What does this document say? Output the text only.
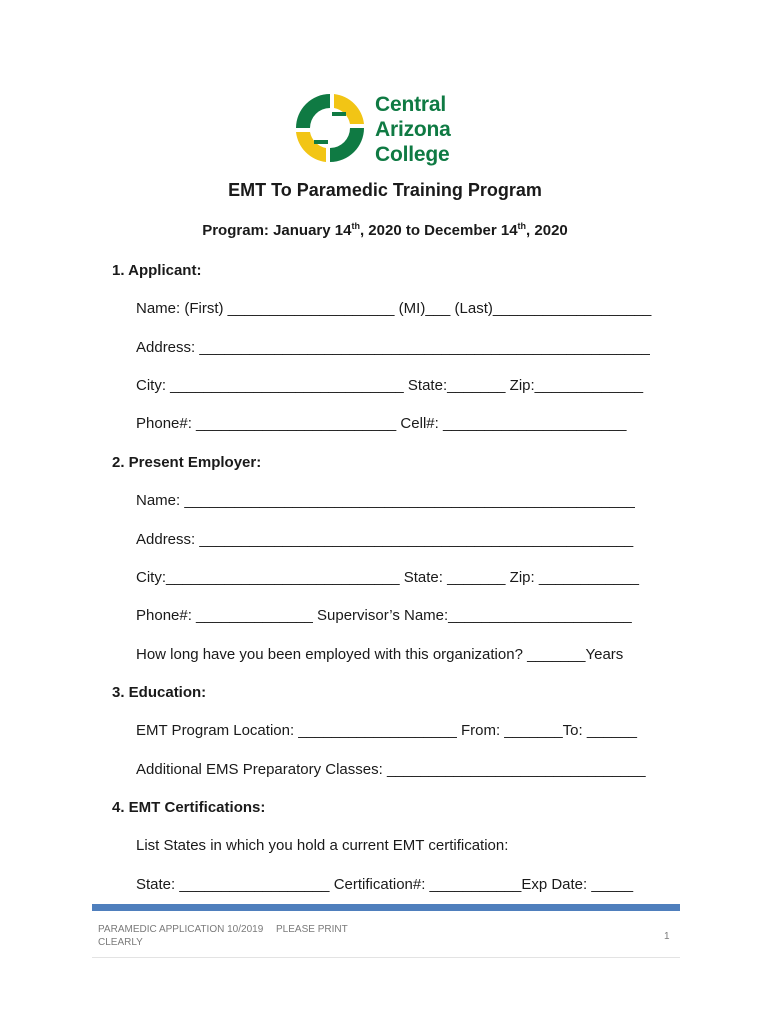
Central
Arizona
College
EMT To Paramedic Training Program
Program: January 14th, 2020 to December 14th, 2020
1. Applicant:
Name: (First) ____________________ (MI)___ (Last)___________________
Address: ______________________________________________________
City: ____________________________ State:_______ Zip:_____________
Phone#: ________________________ Cell#: ______________________
2. Present Employer:
Name: ______________________________________________________
Address: ____________________________________________________
City:____________________________ State: _______ Zip: ____________
Phone#: ______________ Supervisor’s Name:______________________
How long have you been employed with this organization? _______Years
3. Education:
EMT Program Location: ___________________ From: _______To: ______
Additional EMS Preparatory Classes: _______________________________
4. EMT Certifications:
List States in which you hold a current EMT certification:
State: __________________ Certification#: ___________Exp Date: _____
PARAMEDIC APPLICATION 10/2019
CLEARLY
PLEASE PRINT
1
